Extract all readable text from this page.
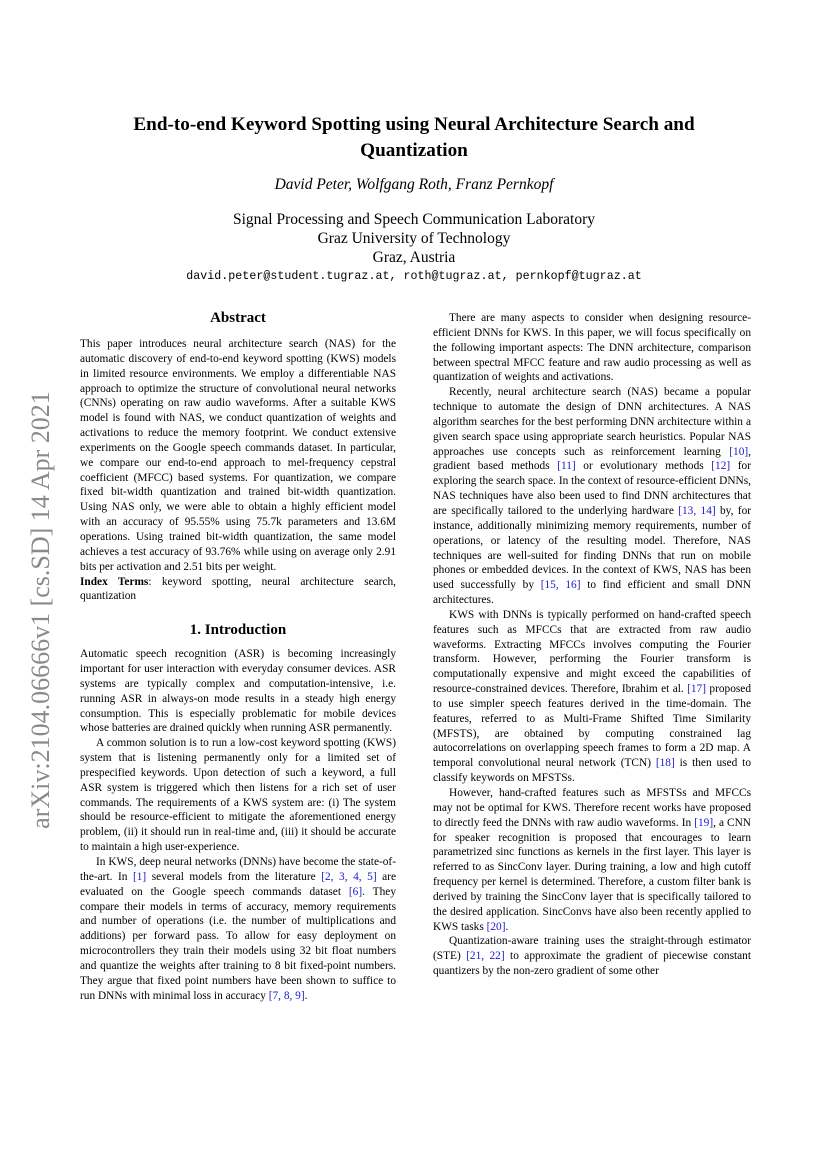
arXiv:2104.06666v1 [cs.SD] 14 Apr 2021
End-to-end Keyword Spotting using Neural Architecture Search and Quantization
David Peter, Wolfgang Roth, Franz Pernkopf
Signal Processing and Speech Communication Laboratory
Graz University of Technology
Graz, Austria
david.peter@student.tugraz.at, roth@tugraz.at, pernkopf@tugraz.at
Abstract

This paper introduces neural architecture search (NAS) for the automatic discovery of end-to-end keyword spotting (KWS) models in limited resource environments. We employ a differentiable NAS approach to optimize the structure of convolutional neural networks (CNNs) operating on raw audio waveforms. After a suitable KWS model is found with NAS, we conduct quantization of weights and activations to reduce the memory footprint. We conduct extensive experiments on the Google speech commands dataset. In particular, we compare our end-to-end approach to mel-frequency cepstral coefficient (MFCC) based systems. For quantization, we compare fixed bit-width quantization and trained bit-width quantization. Using NAS only, we were able to obtain a highly efficient model with an accuracy of 95.55% using 75.7k parameters and 13.6M operations. Using trained bit-width quantization, the same model achieves a test accuracy of 93.76% while using on average only 2.91 bits per activation and 2.51 bits per weight.

Index Terms: keyword spotting, neural architecture search, quantization

1. Introduction

Automatic speech recognition (ASR) is becoming increasingly important for user interaction with everyday consumer devices. ASR systems are typically complex and computation-intensive, i.e. running ASR in always-on mode results in a steady high energy consumption. This is especially problematic for mobile devices whose batteries are drained quickly when running ASR permanently.

A common solution is to run a low-cost keyword spotting (KWS) system that is listening permanently only for a limited set of prespecified keywords. Upon detection of such a keyword, a full ASR system is triggered which then listens for a rich set of user commands. The requirements of a KWS system are: (i) The system should be resource-efficient to mitigate the aforementioned energy problem, (ii) it should run in real-time and, (iii) it should be accurate to maintain a high user-experience.

In KWS, deep neural networks (DNNs) have become the state-of-the-art. In [1] several models from the literature [2, 3, 4, 5] are evaluated on the Google speech commands dataset [6]. They compare their models in terms of accuracy, memory requirements and number of operations (i.e. the number of multiplications and additions) per forward pass. To allow for easy deployment on microcontrollers they train their models using 32 bit float numbers and quantize the weights after training to 8 bit fixed-point numbers. They argue that fixed point numbers have been shown to suffice to run DNNs with minimal loss in accuracy [7, 8, 9].

There are many aspects to consider when designing resource-efficient DNNs for KWS. In this paper, we will focus specifically on the following important aspects: The DNN architecture, comparison between spectral MFCC feature and raw audio processing as well as quantization of weights and activations.

Recently, neural architecture search (NAS) became a popular technique to automate the design of DNN architectures. A NAS algorithm searches for the best performing DNN architecture within a given search space using appropriate search heuristics. Popular NAS approaches use concepts such as reinforcement learning [10], gradient based methods [11] or evolutionary methods [12] for exploring the search space. In the context of resource-efficient DNNs, NAS techniques have also been used to find DNN architectures that are specifically tailored to the underlying hardware [13, 14] by, for instance, additionally minimizing memory requirements, number of operations, or latency of the resulting model. Therefore, NAS techniques are well-suited for finding DNNs that run on mobile phones or embedded devices. In the context of KWS, NAS has been used successfully by [15, 16] to find efficient and small DNN architectures.

KWS with DNNs is typically performed on hand-crafted speech features such as MFCCs that are extracted from raw audio waveforms. Extracting MFCCs involves computing the Fourier transform. However, performing the Fourier transform is computationally expensive and might exceed the capabilities of resource-constrained devices. Therefore, Ibrahim et al. [17] proposed to use simpler speech features derived in the time-domain. The features, referred to as Multi-Frame Shifted Time Similarity (MFSTS), are obtained by computing constrained lag autocorrelations on overlapping speech frames to form a 2D map. A temporal convolutional neural network (TCN) [18] is then used to classify keywords on MFSTSs.

However, hand-crafted features such as MFSTSs and MFCCs may not be optimal for KWS. Therefore recent works have proposed to directly feed the DNNs with raw audio waveforms. In [19], a CNN for speaker recognition is proposed that encourages to learn parametrized sinc functions as kernels in the first layer. This layer is referred to as SincConv layer. During training, a low and high cutoff frequency per kernel is determined. Therefore, a custom filter bank is derived by training the SincConv layer that is specifically tailored to the desired application. SincConvs have also been recently applied to KWS tasks [20].

Quantization-aware training uses the straight-through estimator (STE) [21, 22] to approximate the gradient of piecewise constant quantizers by the non-zero gradient of some other
